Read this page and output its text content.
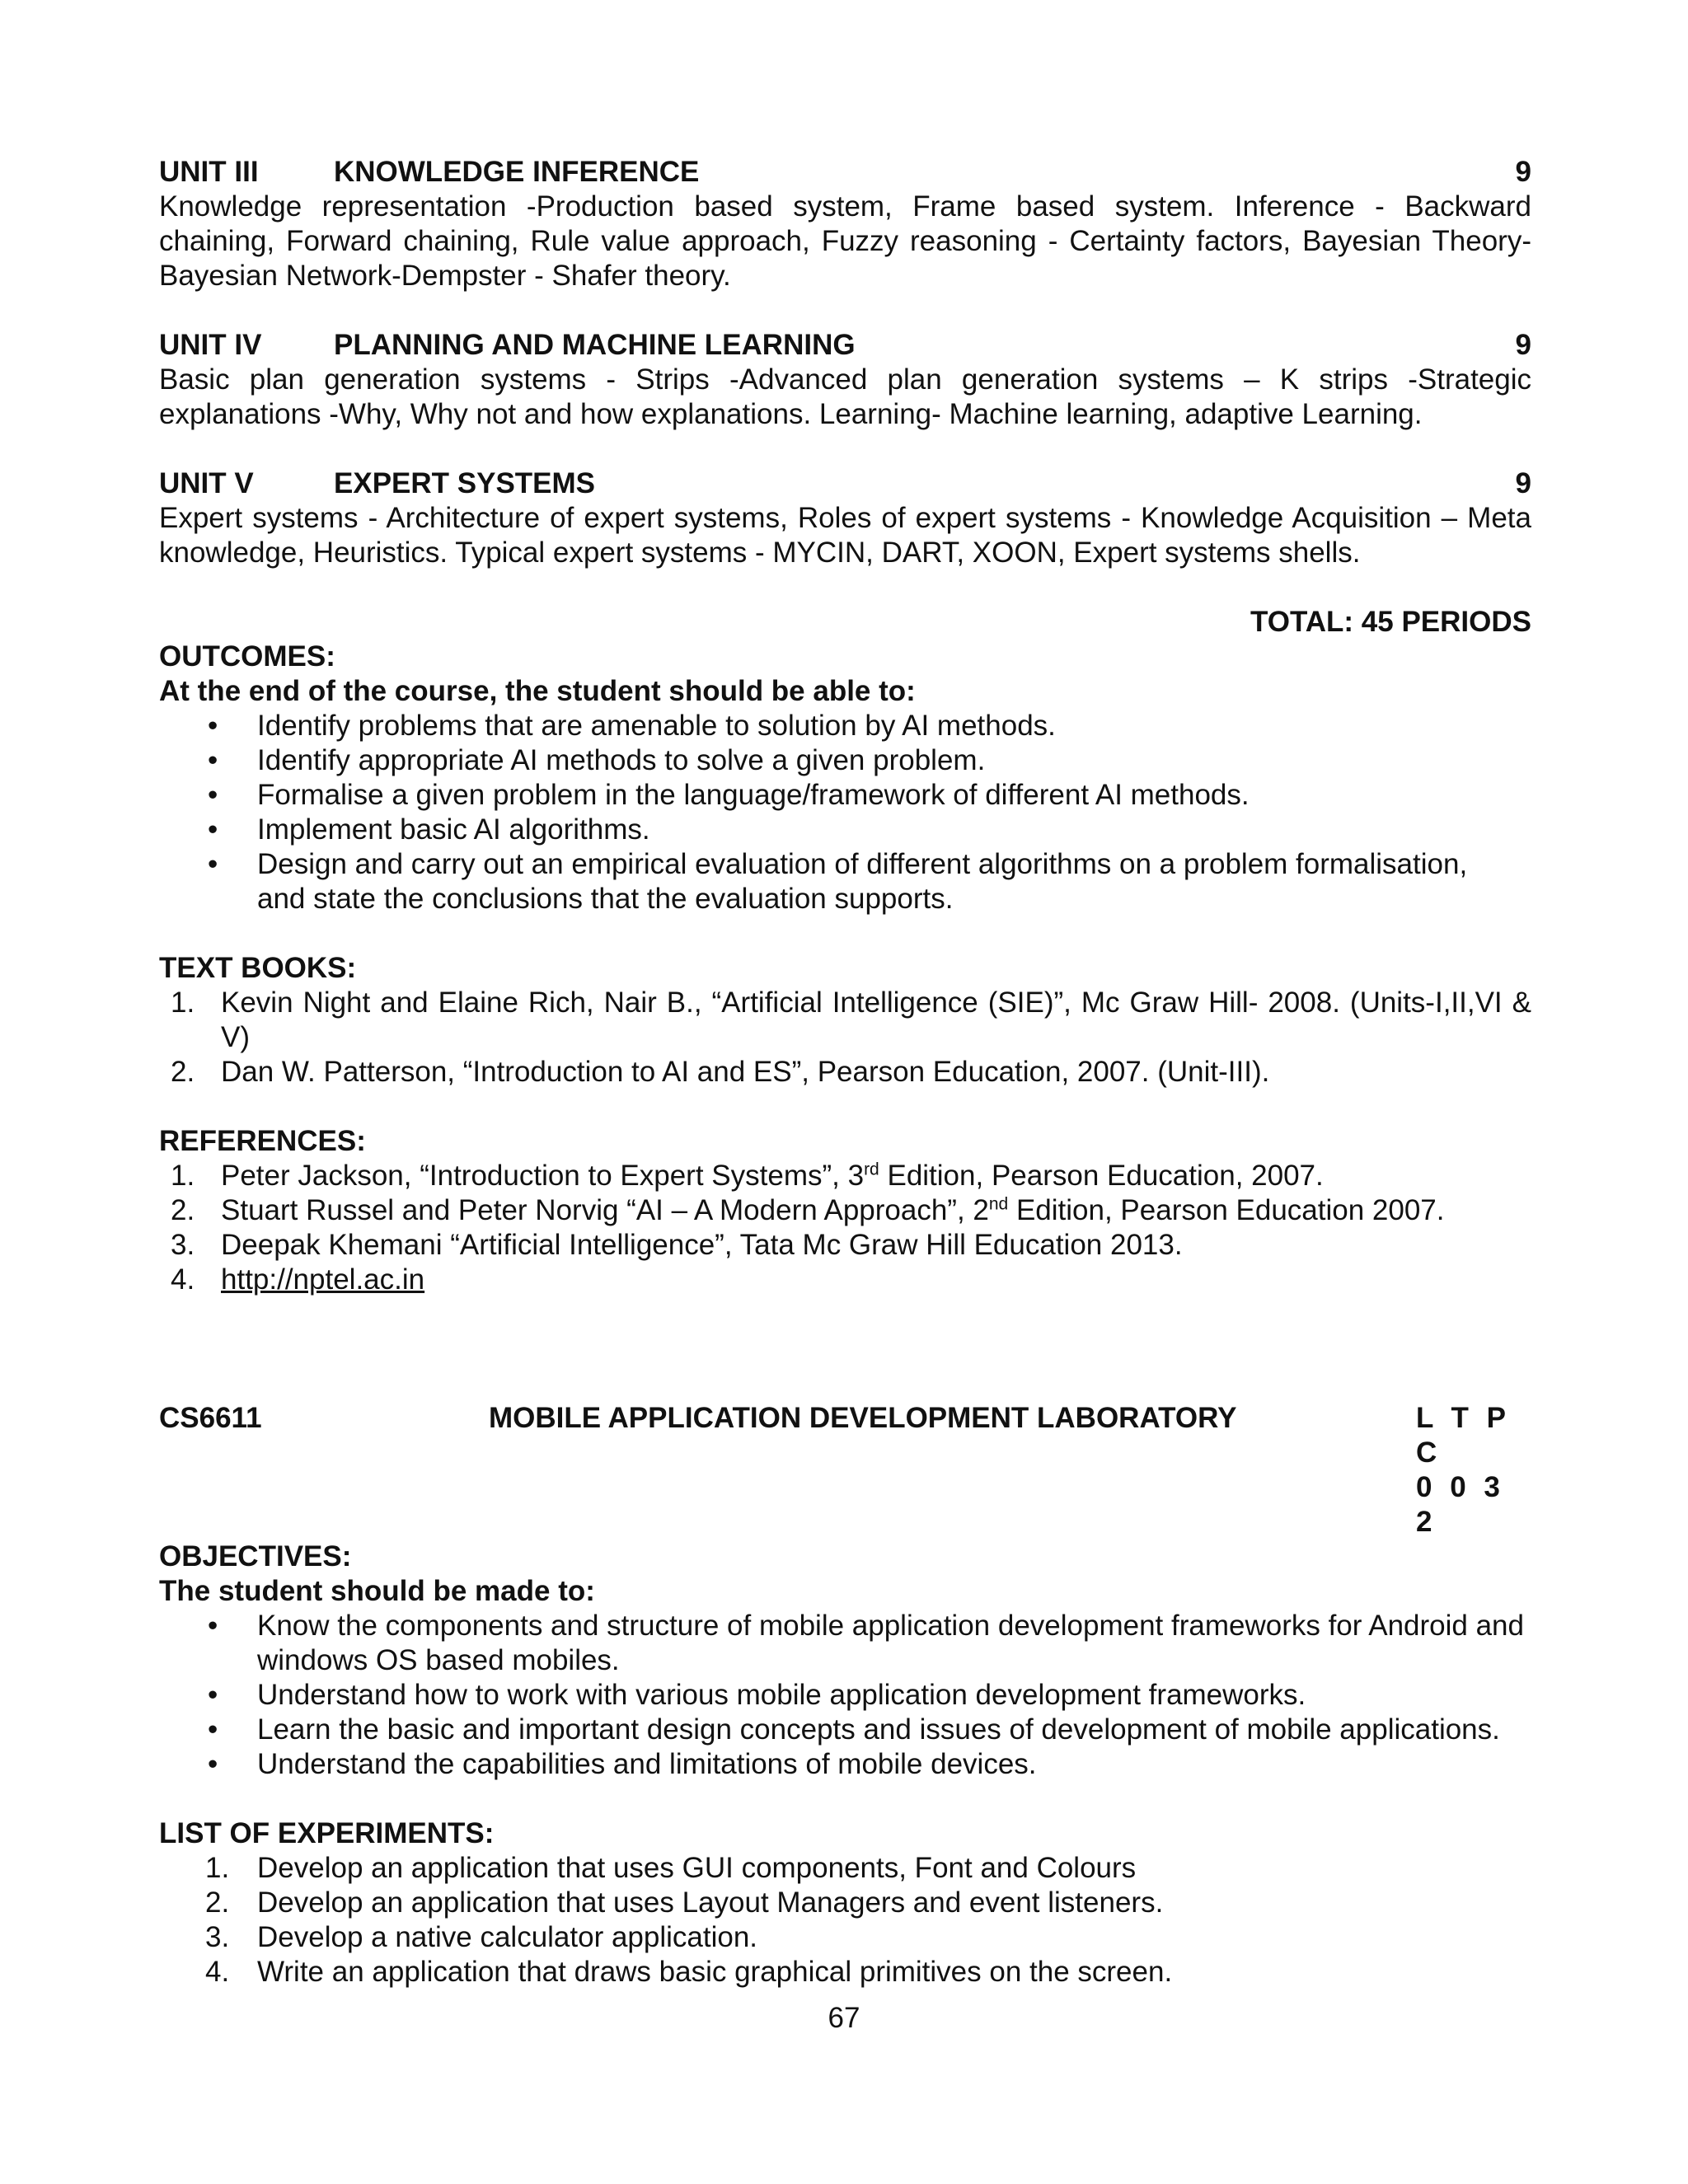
UNIT III	KNOWLEDGE INFERENCE	9
Knowledge representation -Production based system, Frame based system. Inference - Backward chaining, Forward chaining, Rule value approach, Fuzzy reasoning - Certainty factors, Bayesian Theory-Bayesian Network-Dempster - Shafer theory.
UNIT IV	PLANNING AND MACHINE LEARNING	9
Basic plan generation systems - Strips -Advanced plan generation systems – K strips -Strategic explanations -Why, Why not and how explanations. Learning- Machine learning, adaptive Learning.
UNIT V	EXPERT SYSTEMS	9
Expert systems - Architecture of expert systems, Roles of expert systems - Knowledge Acquisition – Meta knowledge, Heuristics. Typical expert systems - MYCIN, DART, XOON, Expert systems shells.
TOTAL: 45 PERIODS
OUTCOMES:
At the end of the course, the student should be able to:
• Identify problems that are amenable to solution by AI methods.
• Identify appropriate AI methods to solve a given problem.
• Formalise a given problem in the language/framework of different AI methods.
• Implement basic AI algorithms.
• Design and carry out an empirical evaluation of different algorithms on a problem formalisation, and state the conclusions that the evaluation supports.
TEXT BOOKS:
1. Kevin Night and Elaine Rich, Nair B., “Artificial Intelligence (SIE)”, Mc Graw Hill- 2008. (Units-I,II,VI & V)
2. Dan W. Patterson, “Introduction to AI and ES”, Pearson Education, 2007. (Unit-III).
REFERENCES:
1. Peter Jackson, “Introduction to Expert Systems”, 3rd Edition, Pearson Education, 2007.
2. Stuart Russel and Peter Norvig “AI – A Modern Approach”, 2nd Edition, Pearson Education 2007.
3. Deepak Khemani “Artificial Intelligence”, Tata Mc Graw Hill Education 2013.
4. http://nptel.ac.in
CS6611	MOBILE APPLICATION DEVELOPMENT LABORATORY	L T P C
0 0 3 2
OBJECTIVES:
The student should be made to:
• Know the components and structure of mobile application development frameworks for Android and windows OS based mobiles.
• Understand how to work with various mobile application development frameworks.
• Learn the basic and important design concepts and issues of development of mobile applications.
• Understand the capabilities and limitations of mobile devices.
LIST OF EXPERIMENTS:
1. Develop an application that uses GUI components, Font and Colours
2. Develop an application that uses Layout Managers and event listeners.
3. Develop a native calculator application.
4. Write an application that draws basic graphical primitives on the screen.
67
